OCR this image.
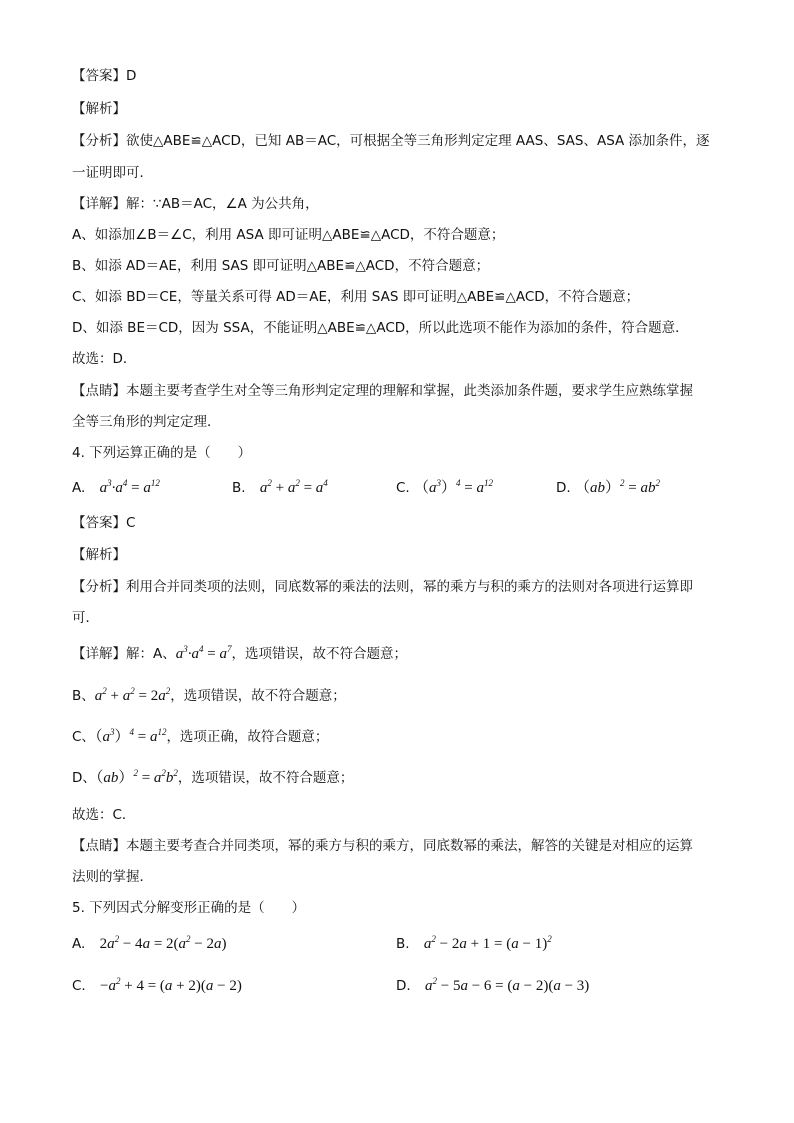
【答案】D
【解析】
【分析】欲使△ABE≌△ACD，已知 AB＝AC，可根据全等三角形判定定理 AAS、SAS、ASA 添加条件，逐
一证明即可．
【详解】解：∵AB＝AC，∠A 为公共角，
A、如添加∠B＝∠C，利用 ASA 即可证明△ABE≌△ACD，不符合题意；
B、如添 AD＝AE，利用 SAS 即可证明△ABE≌△ACD，不符合题意；
C、如添 BD＝CE，等量关系可得 AD＝AE，利用 SAS 即可证明△ABE≌△ACD，不符合题意；
D、如添 BE＝CD，因为 SSA，不能证明△ABE≌△ACD，所以此选项不能作为添加的条件，符合题意．
故选：D．
【点睛】本题主要考查学生对全等三角形判定定理的理解和掌握，此类添加条件题，要求学生应熟练掌握
全等三角形的判定定理．
4. 下列运算正确的是（　　）
A. $a^3\cdot a^4 = a^{12}$	B. $a^2 + a^2 = a^4$	C. $(a^3)^4 = a^{12}$	D. $(ab)^2 = ab^2$
【答案】C
【解析】
【分析】利用合并同类项的法则，同底数幂的乘法的法则，幂的乘方与积的乘方的法则对各项进行运算即
可．
【详解】解：A、$a^3\cdot a^4 = a^7$，选项错误，故不符合题意；
B、$a^2 + a^2 = 2a^2$，选项错误，故不符合题意；
C、$(a^3)^4 = a^{12}$，选项正确，故符合题意；
D、$(ab)^2 = a^2b^2$，选项错误，故不符合题意；
故选：C．
【点睛】本题主要考查合并同类项，幂的乘方与积的乘方，同底数幂的乘法，解答的关键是对相应的运算
法则的掌握．
5. 下列因式分解变形正确的是（　　）
A. $2a^2 - 4a = 2(a^2 - 2a)$	B. $a^2 - 2a + 1 = (a - 1)^2$
C. $-a^2 + 4 = (a + 2)(a - 2)$	D. $a^2 - 5a - 6 = (a - 2)(a - 3)$
